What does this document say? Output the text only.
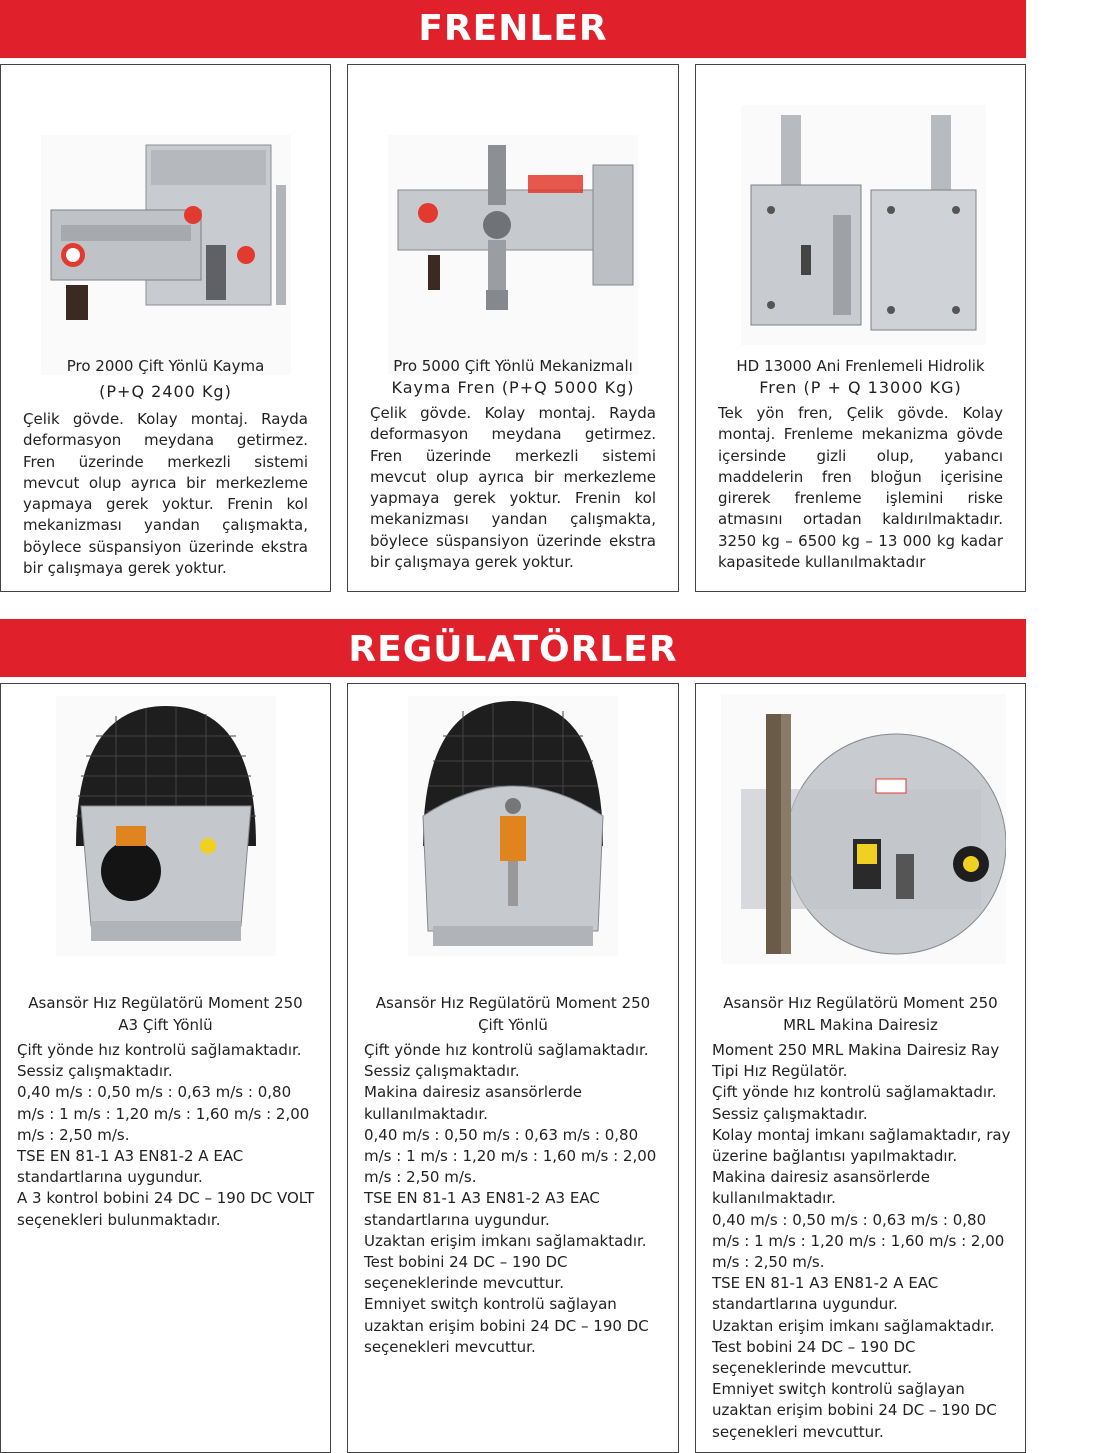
FRENLER
REGÜLATÖRLER
Pro 2000 Çift Yönlü Kayma
(P+Q 2400 Kg)
Çelik gövde. Kolay montaj. Rayda deformasyon meydana getirmez. Fren üzerinde merkezli sistemi mevcut olup ayrıca bir merkezleme yapmaya gerek yoktur. Frenin kol mekanizması yandan çalışmakta, böylece süspansiyon üzerinde ekstra bir çalışmaya gerek yoktur.
Pro 5000 Çift Yönlü Mekanizmalı
Kayma Fren (P+Q 5000 Kg)
Çelik gövde. Kolay montaj. Rayda deformasyon meydana getirmez. Fren üzerinde merkezli sistemi mevcut olup ayrıca bir merkezleme yapmaya gerek yoktur. Frenin kol mekanizması yandan çalışmakta, böylece süspansiyon üzerinde ekstra bir çalışmaya gerek yoktur.
HD 13000 Ani Frenlemeli Hidrolik
Fren (P + Q 13000 KG)
Tek yön fren, Çelik gövde. Kolay montaj. Frenleme mekanizma gövde içersinde gizli olup, yabancı maddelerin fren bloğun içerisine girerek frenleme işlemini riske atmasını ortadan kaldırılmaktadır. 3250 kg – 6500 kg – 13 000 kg kadar kapasitede kullanılmaktadır
Asansör Hız Regülatörü Moment 250
A3 Çift Yönlü
Çift yönde hız kontrolü sağlamaktadır.
Sessiz çalışmaktadır.
0,40 m/s : 0,50 m/s : 0,63 m/s : 0,80 m/s : 1 m/s : 1,20 m/s : 1,60 m/s : 2,00 m/s : 2,50 m/s.
TSE EN 81-1 A3 EN81-2 A EAC standartlarına uygundur.
A 3 kontrol bobini 24 DC – 190 DC VOLT seçenekleri bulunmaktadır.
Asansör Hız Regülatörü Moment 250
Çift Yönlü
Çift yönde hız kontrolü sağlamaktadır.
Sessiz çalışmaktadır.
Makina dairesiz asansörlerde kullanılmaktadır.
0,40 m/s : 0,50 m/s : 0,63 m/s : 0,80 m/s : 1 m/s : 1,20 m/s : 1,60 m/s : 2,00 m/s : 2,50 m/s.
TSE EN 81-1 A3 EN81-2 A3 EAC standartlarına uygundur.
Uzaktan erişim imkanı sağlamaktadır.
Test bobini 24 DC – 190 DC seçeneklerinde mevcuttur.
Emniyet switçh kontrolü sağlayan uzaktan erişim bobini 24 DC – 190 DC seçenekleri mevcuttur.
Asansör Hız Regülatörü Moment 250
MRL Makina Dairesiz
Moment 250 MRL Makina Dairesiz Ray Tipi Hız Regülatör.
Çift yönde hız kontrolü sağlamaktadır.
Sessiz çalışmaktadır.
Kolay montaj imkanı sağlamaktadır, ray üzerine bağlantısı yapılmaktadır.
Makina dairesiz asansörlerde kullanılmaktadır.
0,40 m/s : 0,50 m/s : 0,63 m/s : 0,80 m/s : 1 m/s : 1,20 m/s : 1,60 m/s : 2,00 m/s : 2,50 m/s.
TSE EN 81-1 A3 EN81-2 A EAC standartlarına uygundur.
Uzaktan erişim imkanı sağlamaktadır.
Test bobini 24 DC – 190 DC seçeneklerinde mevcuttur.
Emniyet switçh kontrolü sağlayan uzaktan erişim bobini 24 DC – 190 DC seçenekleri mevcuttur.
